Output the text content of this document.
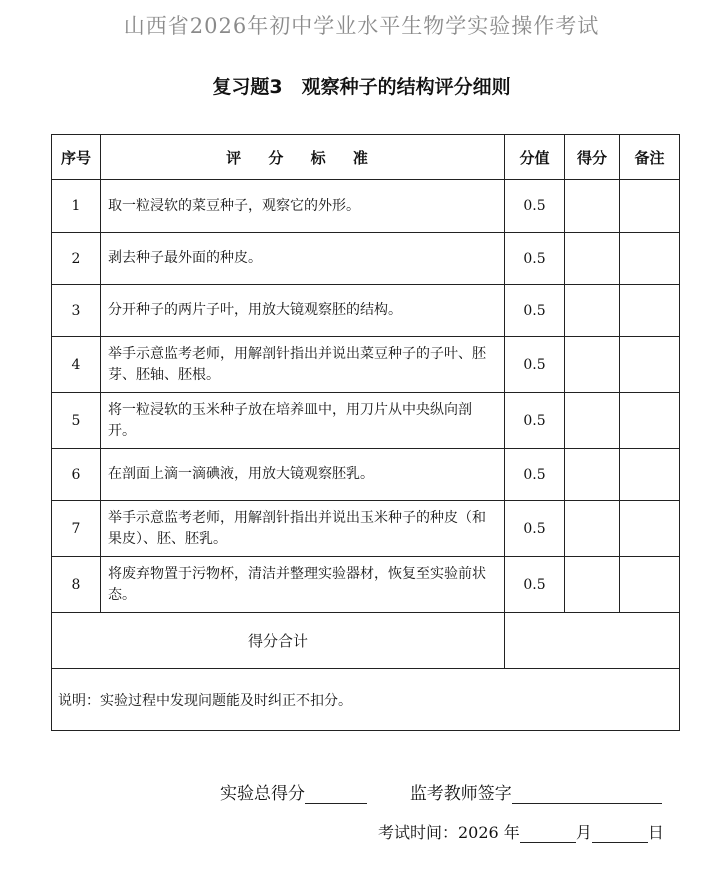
山西省2026年初中学业水平生物学实验操作考试
复习题3　观察种子的结构评分细则
序号	评 分 标 准	分值	得分	备注
1	取一粒浸软的菜豆种子，观察它的外形。	0.5		
2	剥去种子最外面的种皮。	0.5		
3	分开种子的两片子叶，用放大镜观察胚的结构。	0.5		
4	举手示意监考老师，用解剖针指出并说出菜豆种子的子叶、胚芽、胚轴、胚根。	0.5		
5	将一粒浸软的玉米种子放在培养皿中，用刀片从中央纵向剖开。	0.5		
6	在剖面上滴一滴碘液，用放大镜观察胚乳。	0.5		
7	举手示意监考老师，用解剖针指出并说出玉米种子的种皮（和果皮）、胚、胚乳。	0.5		
8	将废弃物置于污物杯，清洁并整理实验器材，恢复至实验前状态。	0.5		
得分合计				
说明：实验过程中发现问题能及时纠正不扣分。				
实验总得分	监考教师签字
考试时间：2026 年	月	日
